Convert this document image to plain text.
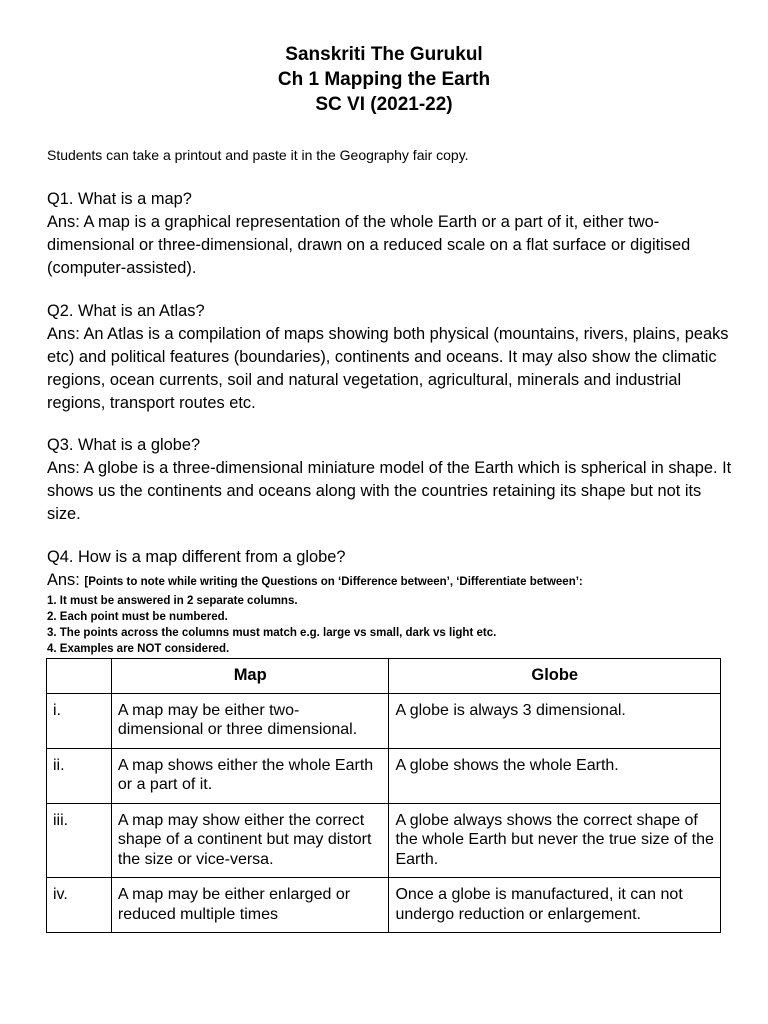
Sanskriti The Gurukul
Ch 1 Mapping the Earth
SC VI (2021-22)
Students can take a printout and paste it in the Geography fair copy.

Q1. What is a map?

Ans: A map is a graphical representation of the whole Earth or a part of it, either two-dimensional or three-dimensional, drawn on a reduced scale on a flat surface or digitised (computer-assisted).

Q2. What is an Atlas?

Ans: An Atlas is a compilation of maps showing both physical (mountains, rivers, plains, peaks etc) and political features (boundaries), continents and oceans. It may also show the climatic regions, ocean currents, soil and natural vegetation, agricultural, minerals and industrial regions, transport routes etc.

Q3. What is a globe?

Ans: A globe is a three-dimensional miniature model of the Earth which is spherical in shape. It shows us the continents and oceans along with the countries retaining its shape but not its size.

Q4. How is a map different from a globe?

Ans: [Points to note while writing the Questions on ‘Difference between’, ‘Differentiate between’:
1. It must be answered in 2 separate columns.
2. Each point must be numbered.
3. The points across the columns must match e.g. large vs small, dark vs light etc.
4. Examples are NOT considered.
	Map	Globe
i.	A map may be either two-dimensional or three dimensional.	A globe is always 3 dimensional.
ii.	A map shows either the whole Earth or a part of it.	A globe shows the whole Earth.
iii.	A map may show either the correct shape of a continent but may distort the size or vice-versa.	A globe always shows the correct shape of the whole Earth but never the true size of the Earth.
iv.	A map may be either enlarged or reduced multiple times	Once a globe is manufactured, it can not undergo reduction or enlargement.
